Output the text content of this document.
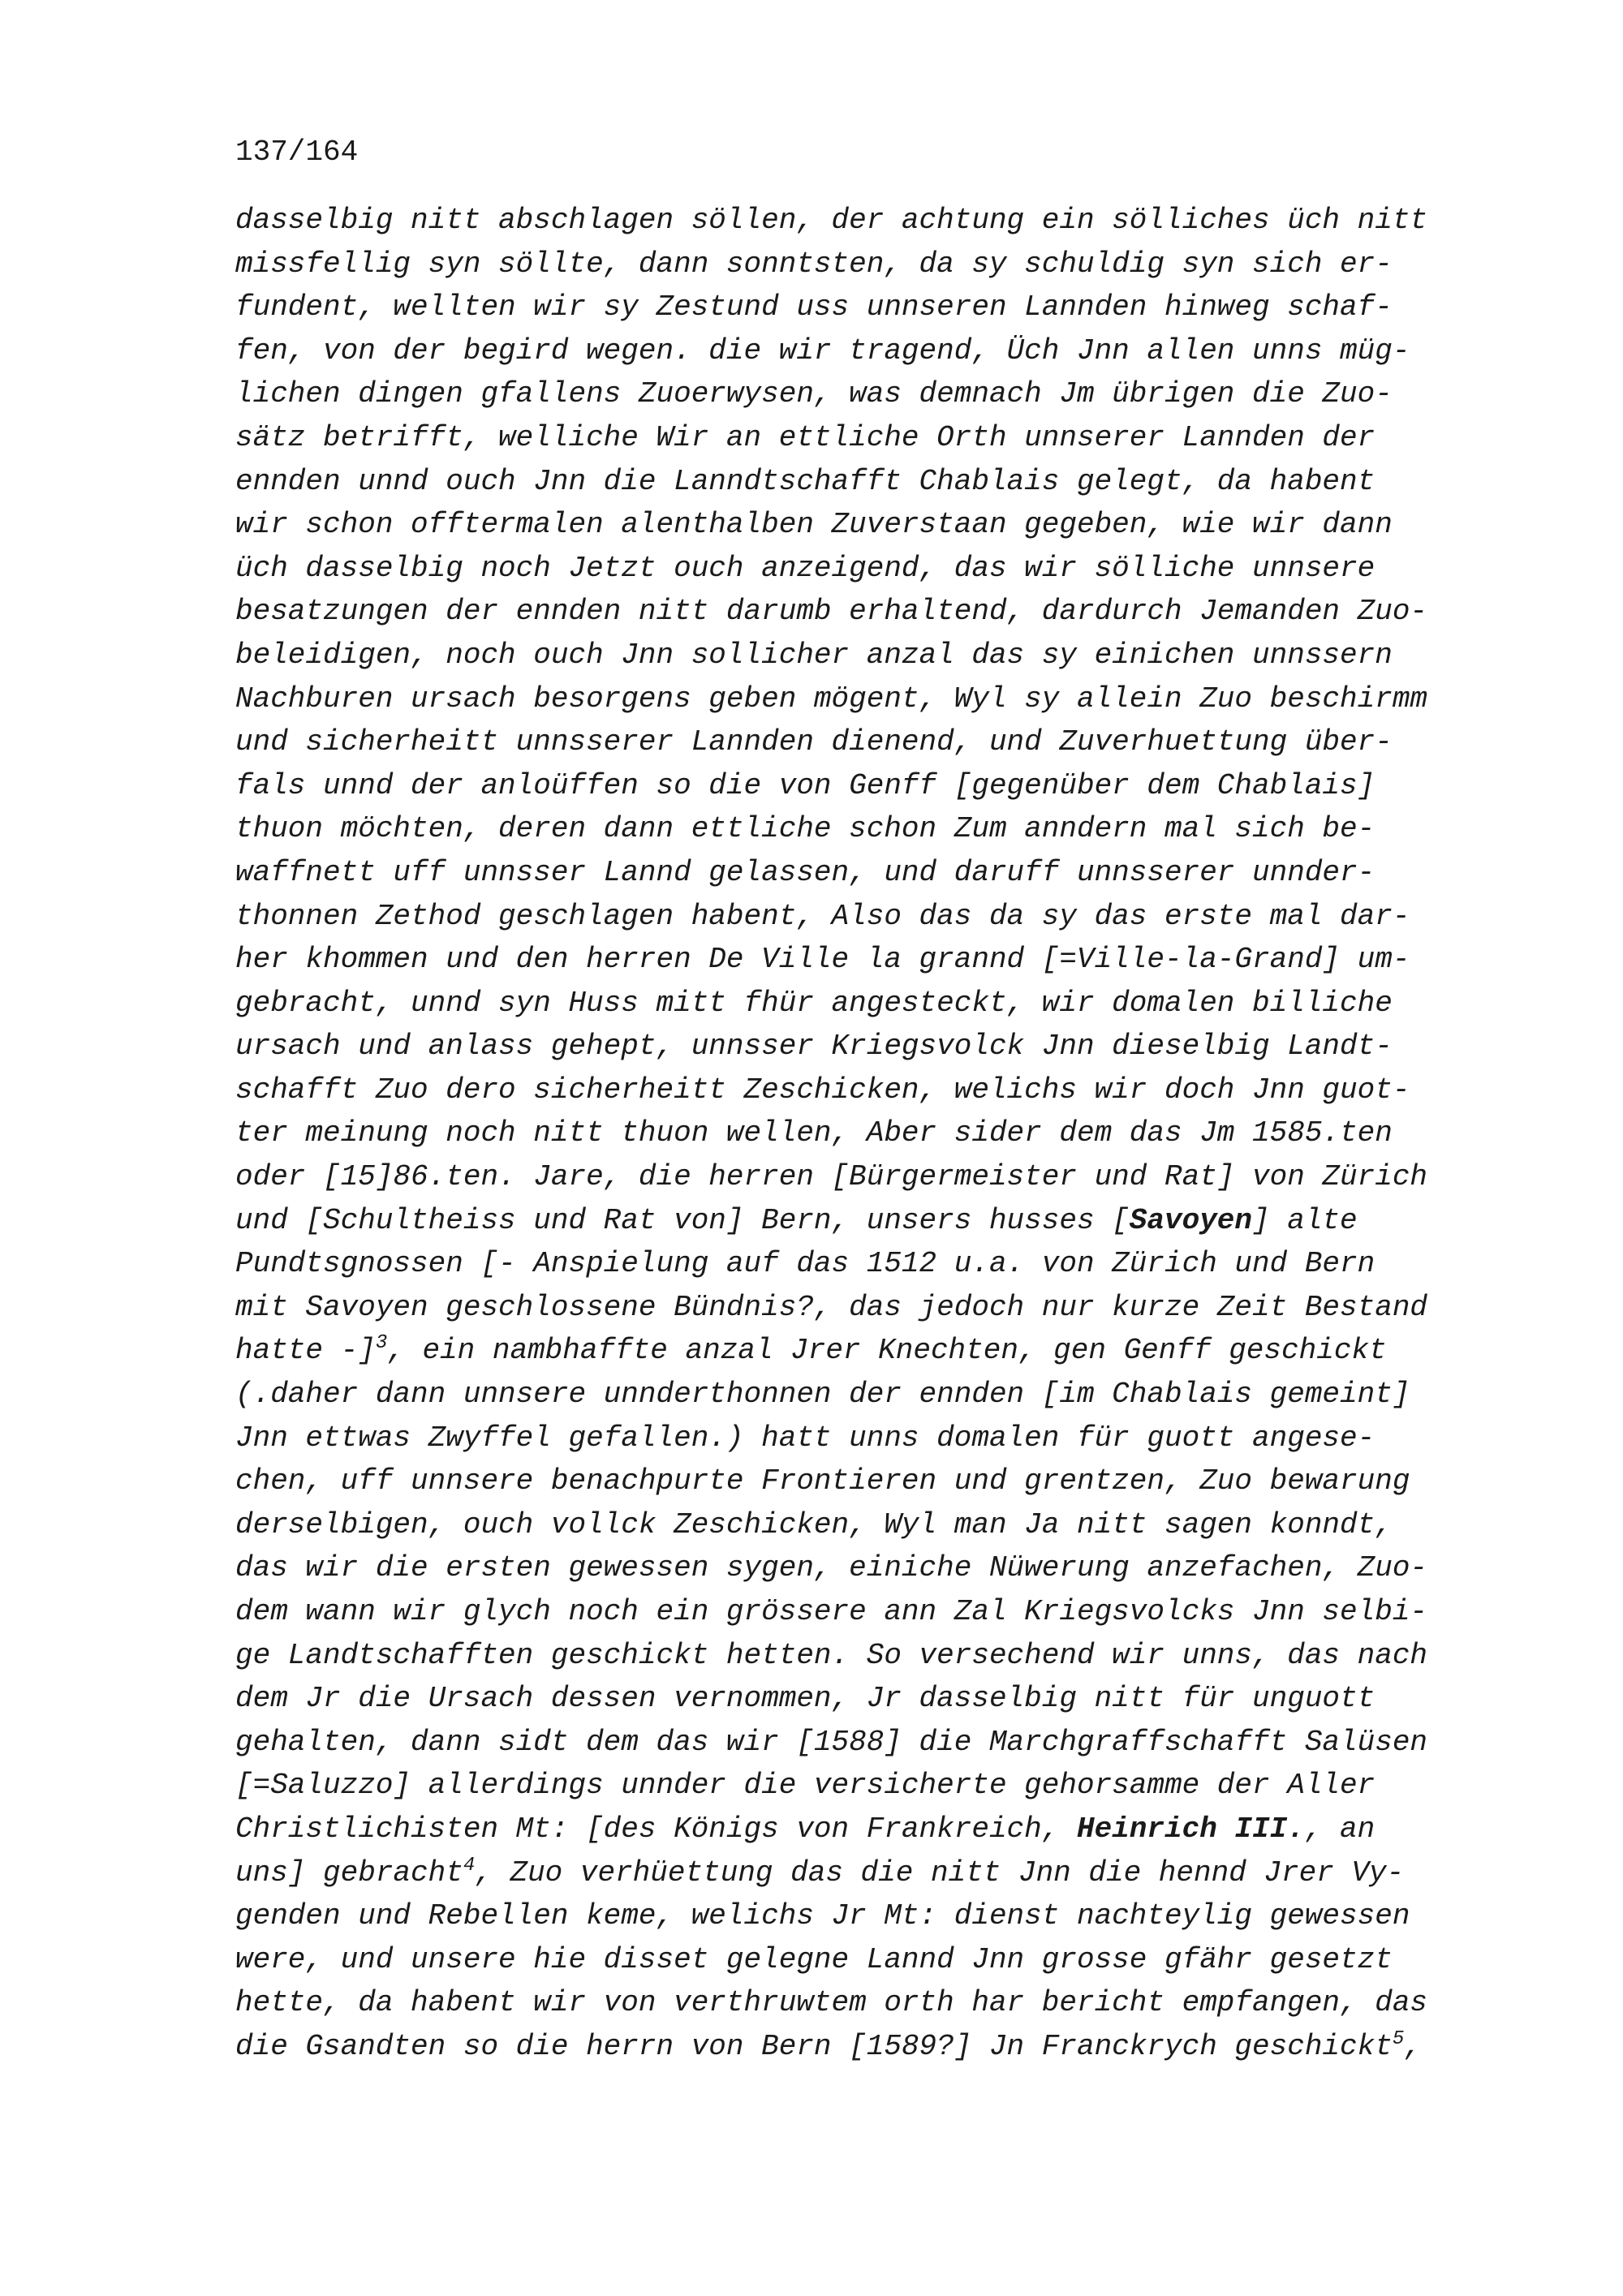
137/164
dasselbig nitt abschlagen söllen, der achtung ein sölliches üch nitt
missfellig syn söllte, dann sonntsten, da sy schuldig syn sich er-
fundent, wellten wir sy Zestund uss unnseren Lannden hinweg schaf-
fen, von der begird wegen. die wir tragend, Üch Jnn allen unns müg-
lichen dingen gfallens Zuoerwysen, was demnach Jm übrigen die Zuo-
sätz betrifft, welliche Wir an ettliche Orth unnserer Lannden der
ennden unnd ouch Jnn die Lanndtschafft Chablais gelegt, da habent
wir schon offtermalen alenthalben Zuverstaan gegeben, wie wir dann
üch dasselbig noch Jetzt ouch anzeigend, das wir sölliche unnsere
besatzungen der ennden nitt darumb erhaltend, dardurch Jemanden Zuo-
beleidigen, noch ouch Jnn sollicher anzal das sy einichen unnssern
Nachburen ursach besorgens geben mögent, Wyl sy allein Zuo beschirmm
und sicherheitt unnsserer Lannden dienend, und Zuverhuettung über-
fals unnd der anloüffen so die von Genff [gegenüber dem Chablais]
thuon möchten, deren dann ettliche schon Zum anndern mal sich be-
waffnett uff unnsser Lannd gelassen, und daruff unnsserer unnder-
thonnen Zethod geschlagen habent, Also das da sy das erste mal dar-
her khommen und den herren De Ville la grannd [=Ville-la-Grand] um-
gebracht, unnd syn Huss mitt fhür angesteckt, wir domalen billiche
ursach und anlass gehept, unnsser Kriegsvolck Jnn dieselbig Landt-
schafft Zuo dero sicherheitt Zeschicken, welichs wir doch Jnn guot-
ter meinung noch nitt thuon wellen, Aber sider dem das Jm 1585.ten
oder [15]86.ten. Jare, die herren [Bürgermeister und Rat] von Zürich
und [Schultheiss und Rat von] Bern, unsers husses [Savoyen] alte
Pundtsgnossen [- Anspielung auf das 1512 u.a. von Zürich und Bern
mit Savoyen geschlossene Bündnis?, das jedoch nur kurze Zeit Bestand
hatte -]$^3$, ein nambhaffte anzal Jrer Knechten, gen Genff geschickt
(.daher dann unnsere unnderthonnen der ennden [im Chablais gemeint]
Jnn ettwas Zwyffel gefallen.) hatt unns domalen für guott angese-
chen, uff unnsere benachpurte Frontieren und grentzen, Zuo bewarung
derselbigen, ouch vollck Zeschicken, Wyl man Ja nitt sagen konndt,
das wir die ersten gewessen sygen, einiche Nüwerung anzefachen, Zuo-
dem wann wir glych noch ein grössere ann Zal Kriegsvolcks Jnn selbi-
ge Landtschafften geschickt hetten. So versechend wir unns, das nach
dem Jr die Ursach dessen vernommen, Jr dasselbig nitt für unguott
gehalten, dann sidt dem das wir [1588] die Marchgraffschafft Salüsen
[=Saluzzo] allerdings unnder die versicherte gehorsamme der Aller
Christlichisten Mt: [des Königs von Frankreich, Heinrich III., an
uns] gebracht$^4$, Zuo verhüettung das die nitt Jnn die hennd Jrer Vy-
genden und Rebellen keme, welichs Jr Mt: dienst nachteylig gewessen
were, und unsere hie disset gelegne Lannd Jnn grosse gfähr gesetzt
hette, da habent wir von verthruwtem orth har bericht empfangen, das
die Gsandten so die herrn von Bern [1589?] Jn Franckrych geschickt$^5$,
